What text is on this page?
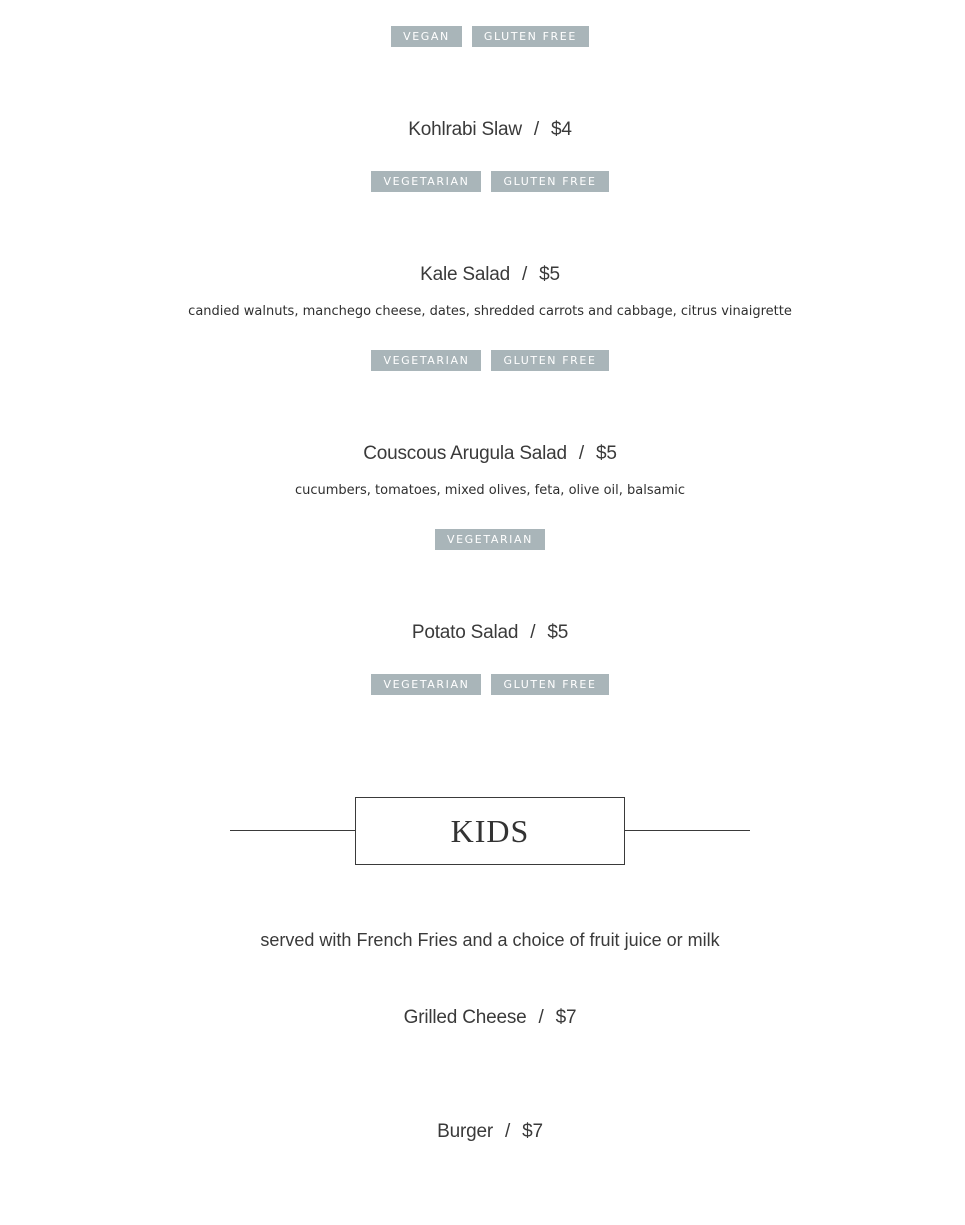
VEGAN	GLUTEN FREE
Kohlrabi Slaw / $4
VEGETARIAN	GLUTEN FREE
Kale Salad / $5
candied walnuts, manchego cheese, dates, shredded carrots and cabbage, citrus vinaigrette
VEGETARIAN	GLUTEN FREE
Couscous Arugula Salad / $5
cucumbers, tomatoes, mixed olives, feta, olive oil, balsamic
VEGETARIAN
Potato Salad / $5
VEGETARIAN	GLUTEN FREE
KIDS
served with French Fries and a choice of fruit juice or milk
Grilled Cheese / $7
Burger / $7
